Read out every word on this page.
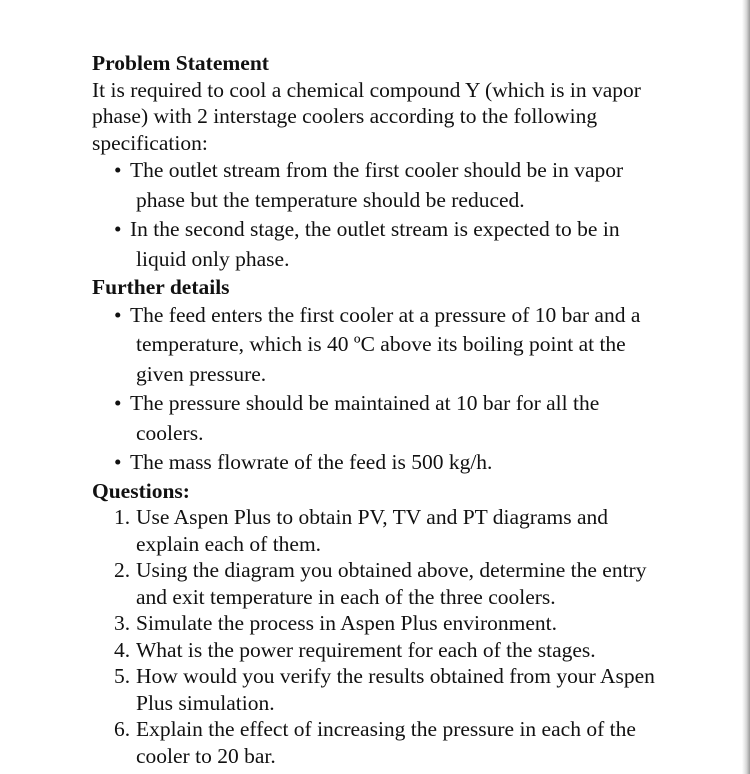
Problem Statement

It is required to cool a chemical compound Y (which is in vapor phase) with 2 interstage coolers according to the following specification:

• The outlet stream from the first cooler should be in vapor phase but the temperature should be reduced.
• In the second stage, the outlet stream is expected to be in liquid only phase.
Further details
• The feed enters the first cooler at a pressure of 10 bar and a temperature, which is 40 ºC above its boiling point at the given pressure.
• The pressure should be maintained at 10 bar for all the coolers.
• The mass flowrate of the feed is 500 kg/h.
Questions:
1. Use Aspen Plus to obtain PV, TV and PT diagrams and explain each of them.
2. Using the diagram you obtained above, determine the entry and exit temperature in each of the three coolers.
3. Simulate the process in Aspen Plus environment.
4. What is the power requirement for each of the stages.
5. How would you verify the results obtained from your Aspen Plus simulation.
6. Explain the effect of increasing the pressure in each of the cooler to 20 bar.
